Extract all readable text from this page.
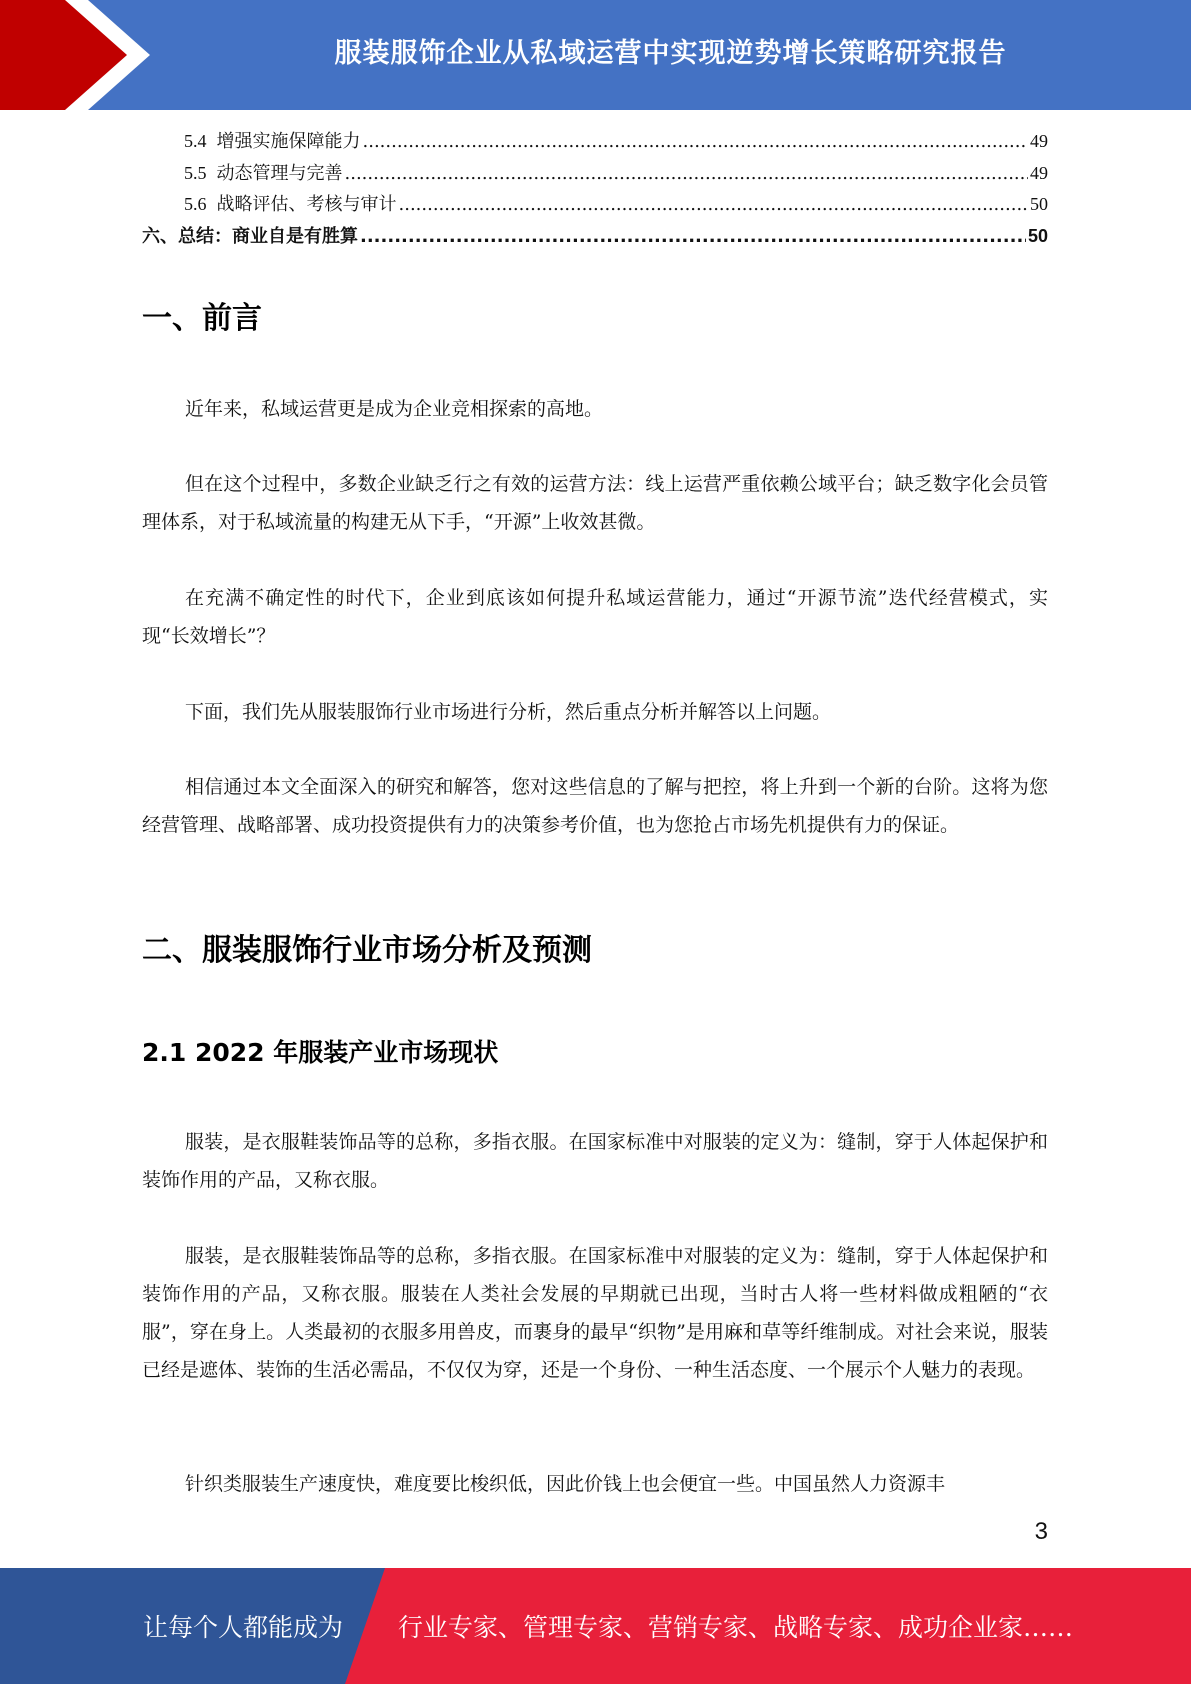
服装服饰企业从私域运营中实现逆势增长策略研究报告
5.4 增强实施保障能力 .....	49
5.5 动态管理与完善 .....	49
5.6 战略评估、考核与审计 .....	50
六、总结：商业自是有胜算 .....	50
一、前言

近年来，私域运营更是成为企业竞相探索的高地。

但在这个过程中，多数企业缺乏行之有效的运营方法：线上运营严重依赖公域平台；缺乏数字化会员管理体系，对于私域流量的构建无从下手，“开源”上收效甚微。

在充满不确定性的时代下，企业到底该如何提升私域运营能力，通过“开源节流”迭代经营模式，实现“长效增长”？

下面，我们先从服装服饰行业市场进行分析，然后重点分析并解答以上问题。

相信通过本文全面深入的研究和解答，您对这些信息的了解与把控，将上升到一个新的台阶。这将为您经营管理、战略部署、成功投资提供有力的决策参考价值，也为您抢占市场先机提供有力的保证。

二、服装服饰行业市场分析及预测
2.1 2022 年服装产业市场现状

服装，是衣服鞋装饰品等的总称，多指衣服。在国家标准中对服装的定义为：缝制，穿于人体起保护和装饰作用的产品，又称衣服。

服装，是衣服鞋装饰品等的总称，多指衣服。在国家标准中对服装的定义为：缝制，穿于人体起保护和装饰作用的产品，又称衣服。服装在人类社会发展的早期就已出现，当时古人将一些材料做成粗陋的“衣服”，穿在身上。人类最初的衣服多用兽皮，而裹身的最早“织物”是用麻和草等纤维制成。对社会来说，服装已经是遮体、装饰的生活必需品，不仅仅为穿，还是一个身份、一种生活态度、一个展示个人魅力的表现。

针织类服装生产速度快，难度要比梭织低，因此价钱上也会便宜一些。中国虽然人力资源丰

3
让每个人都能成为 行业专家、管理专家、营销专家、战略专家、成功企业家……
